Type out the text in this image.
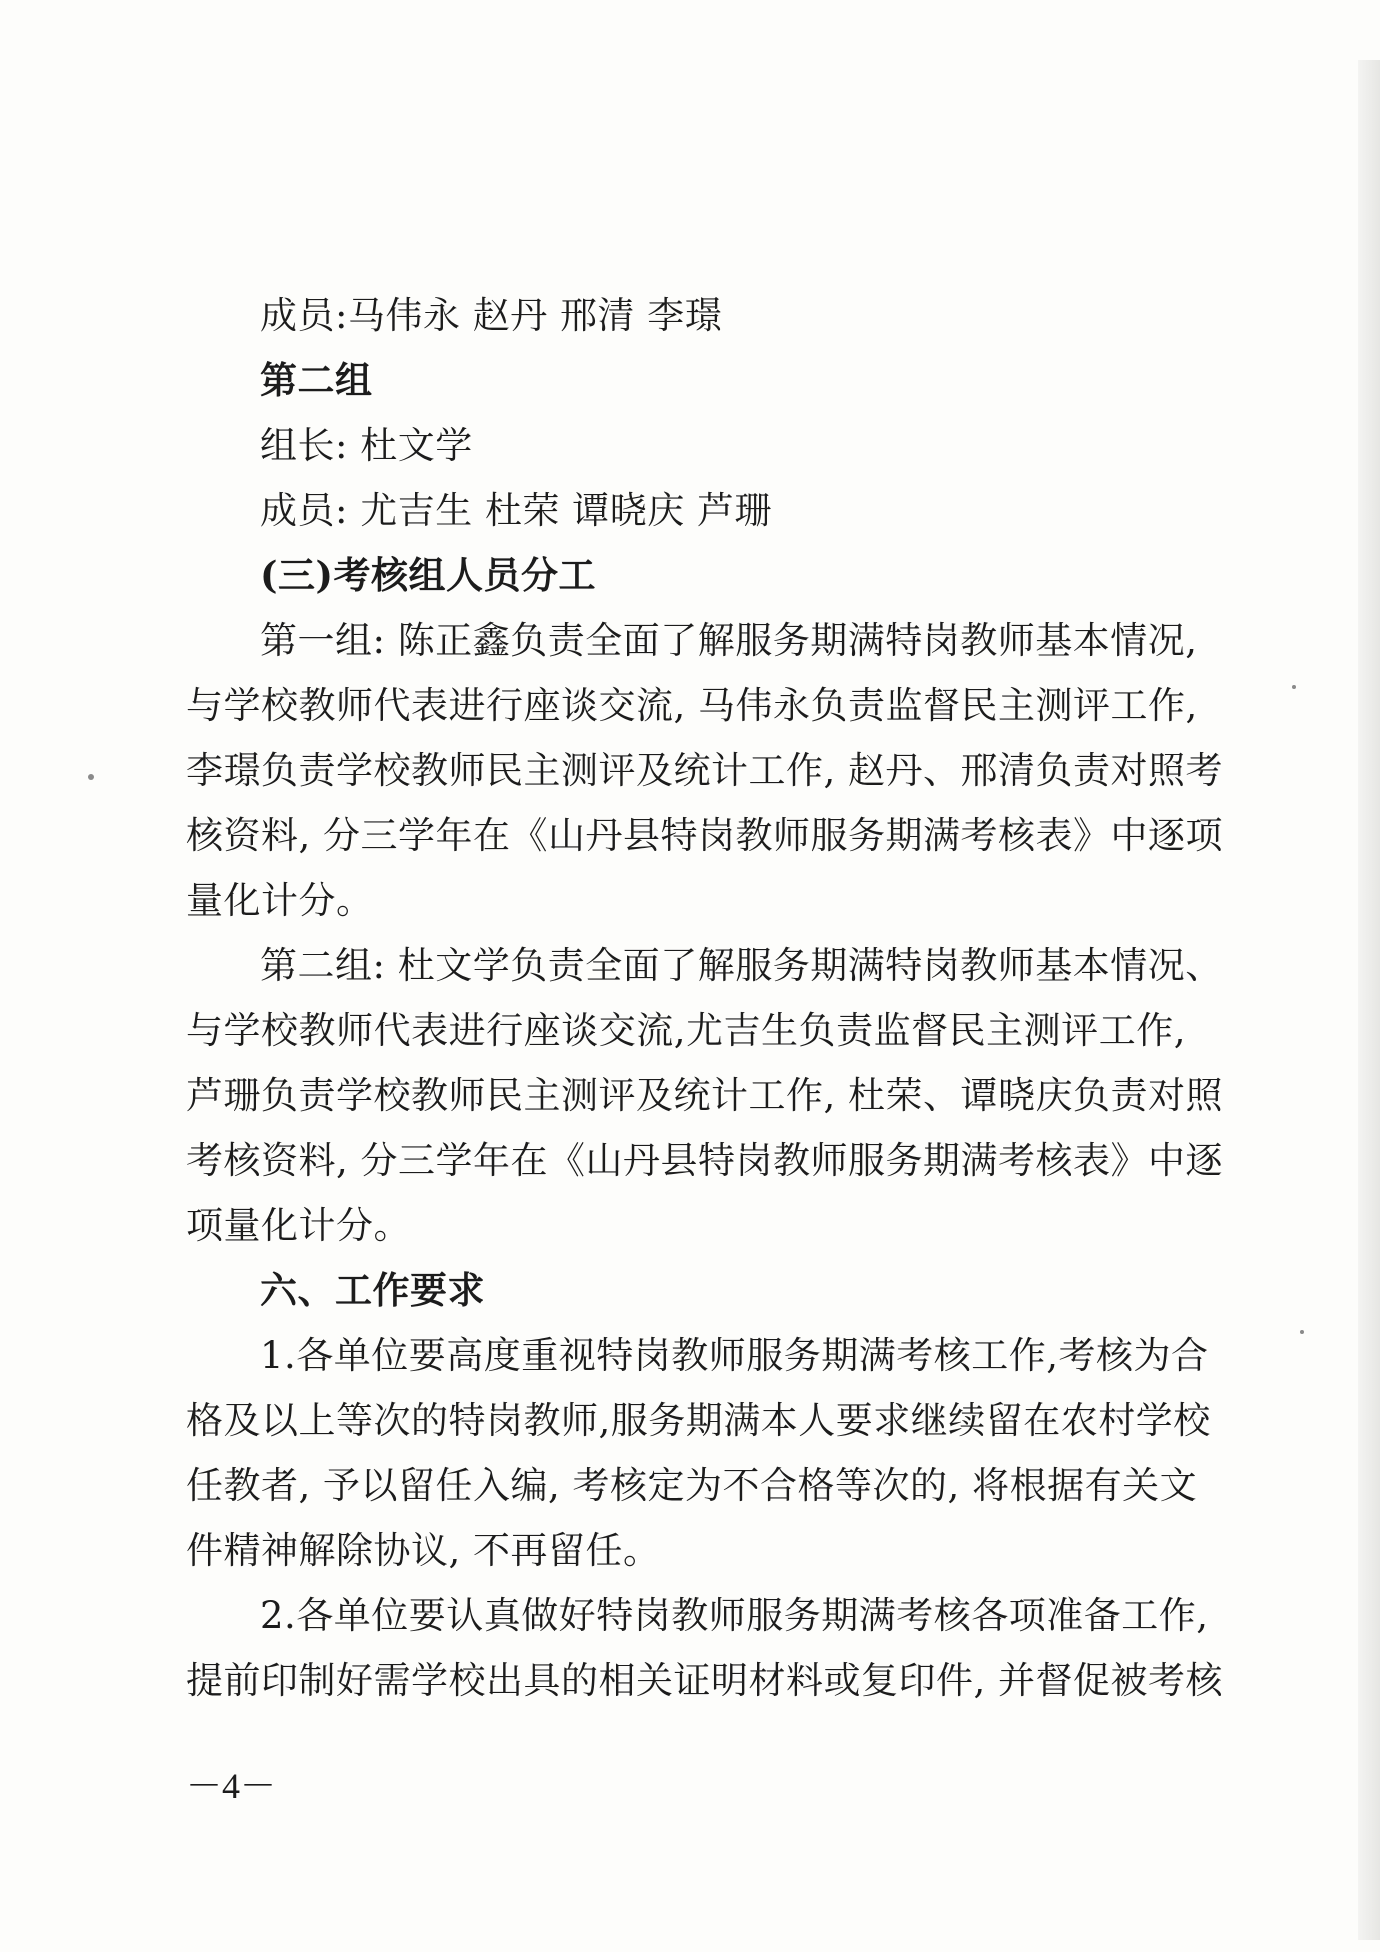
成员:马伟永 赵丹 邢清 李璟

第二组

组长: 杜文学

成员: 尤吉生 杜荣 谭晓庆 芦珊

(三)考核组人员分工

第一组: 陈正鑫负责全面了解服务期满特岗教师基本情况,

与学校教师代表进行座谈交流, 马伟永负责监督民主测评工作,

李璟负责学校教师民主测评及统计工作, 赵丹、邢清负责对照考

核资料, 分三学年在《山丹县特岗教师服务期满考核表》中逐项

量化计分。

第二组: 杜文学负责全面了解服务期满特岗教师基本情况、

与学校教师代表进行座谈交流,尤吉生负责监督民主测评工作,

芦珊负责学校教师民主测评及统计工作, 杜荣、谭晓庆负责对照

考核资料, 分三学年在《山丹县特岗教师服务期满考核表》中逐

项量化计分。

六、工作要求

1.各单位要高度重视特岗教师服务期满考核工作,考核为合

格及以上等次的特岗教师,服务期满本人要求继续留在农村学校

任教者, 予以留任入编, 考核定为不合格等次的, 将根据有关文

件精神解除协议, 不再留任。

2.各单位要认真做好特岗教师服务期满考核各项准备工作,

提前印制好需学校出具的相关证明材料或复印件, 并督促被考核

－4－
